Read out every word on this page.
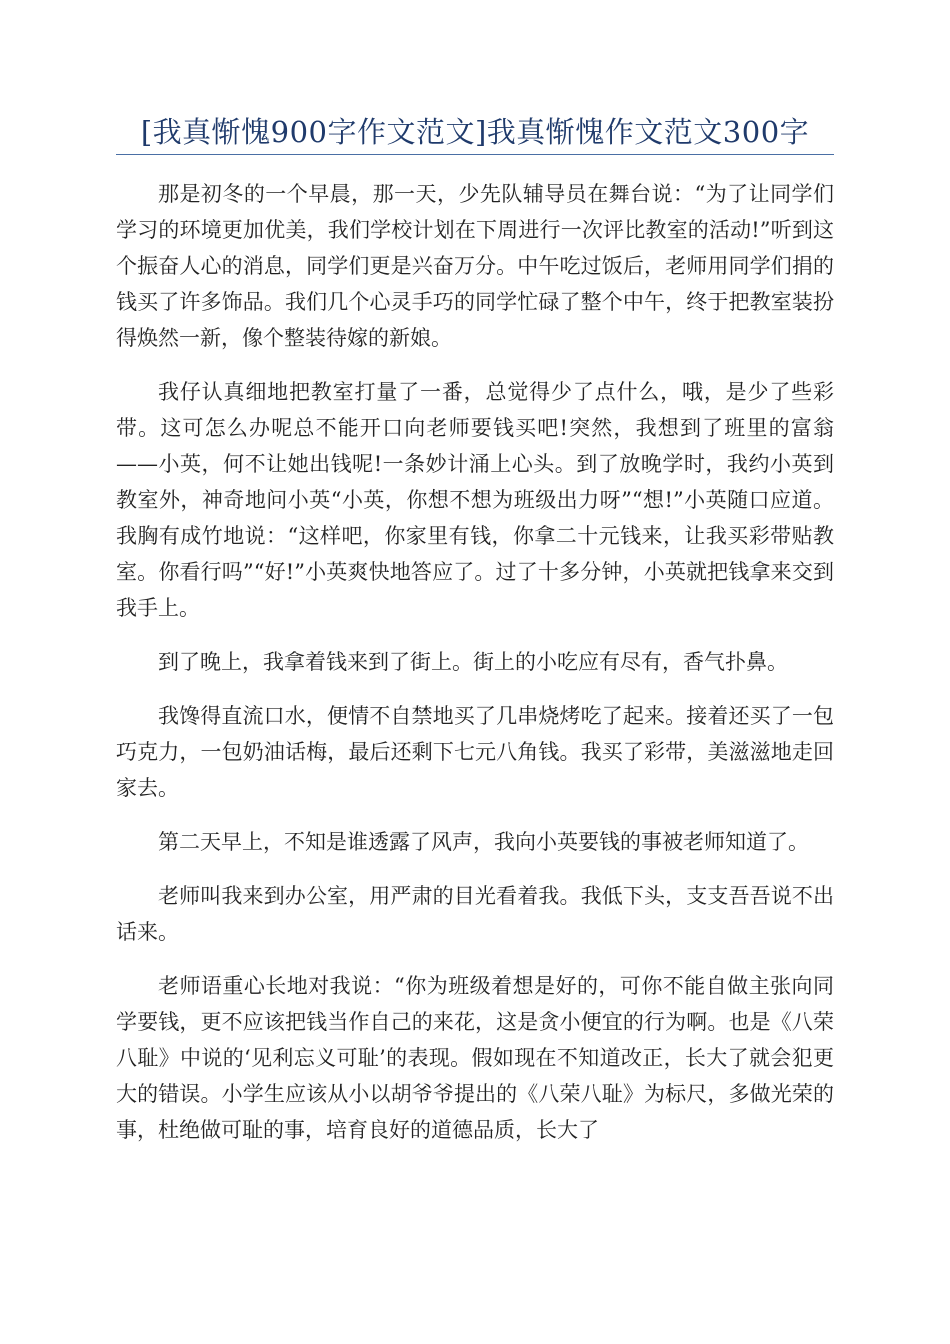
[我真惭愧900字作文范文]我真惭愧作文范文300字

那是初冬的一个早晨，那一天，少先队辅导员在舞台说：“为了让同学们学习的环境更加优美，我们学校计划在下周进行一次评比教室的活动!”听到这个振奋人心的消息，同学们更是兴奋万分。中午吃过饭后，老师用同学们捐的钱买了许多饰品。我们几个心灵手巧的同学忙碌了整个中午，终于把教室装扮得焕然一新，像个整装待嫁的新娘。

我仔认真细地把教室打量了一番，总觉得少了点什么，哦，是少了些彩带。这可怎么办呢总不能开口向老师要钱买吧!突然，我想到了班里的富翁——小英，何不让她出钱呢!一条妙计涌上心头。到了放晚学时，我约小英到教室外，神奇地问小英“小英，你想不想为班级出力呀”“想!”小英随口应道。我胸有成竹地说：“这样吧，你家里有钱，你拿二十元钱来，让我买彩带贴教室。你看行吗”“好!”小英爽快地答应了。过了十多分钟，小英就把钱拿来交到我手上。

到了晚上，我拿着钱来到了街上。街上的小吃应有尽有，香气扑鼻。

我馋得直流口水，便情不自禁地买了几串烧烤吃了起来。接着还买了一包巧克力，一包奶油话梅，最后还剩下七元八角钱。我买了彩带，美滋滋地走回家去。

第二天早上，不知是谁透露了风声，我向小英要钱的事被老师知道了。

老师叫我来到办公室，用严肃的目光看着我。我低下头，支支吾吾说不出话来。

老师语重心长地对我说：“你为班级着想是好的，可你不能自做主张向同学要钱，更不应该把钱当作自己的来花，这是贪小便宜的行为啊。也是《八荣八耻》中说的‘见利忘义可耻’的表现。假如现在不知道改正，长大了就会犯更大的错误。小学生应该从小以胡爷爷提出的《八荣八耻》为标尺，多做光荣的事，杜绝做可耻的事，培育良好的道德品质，长大了
